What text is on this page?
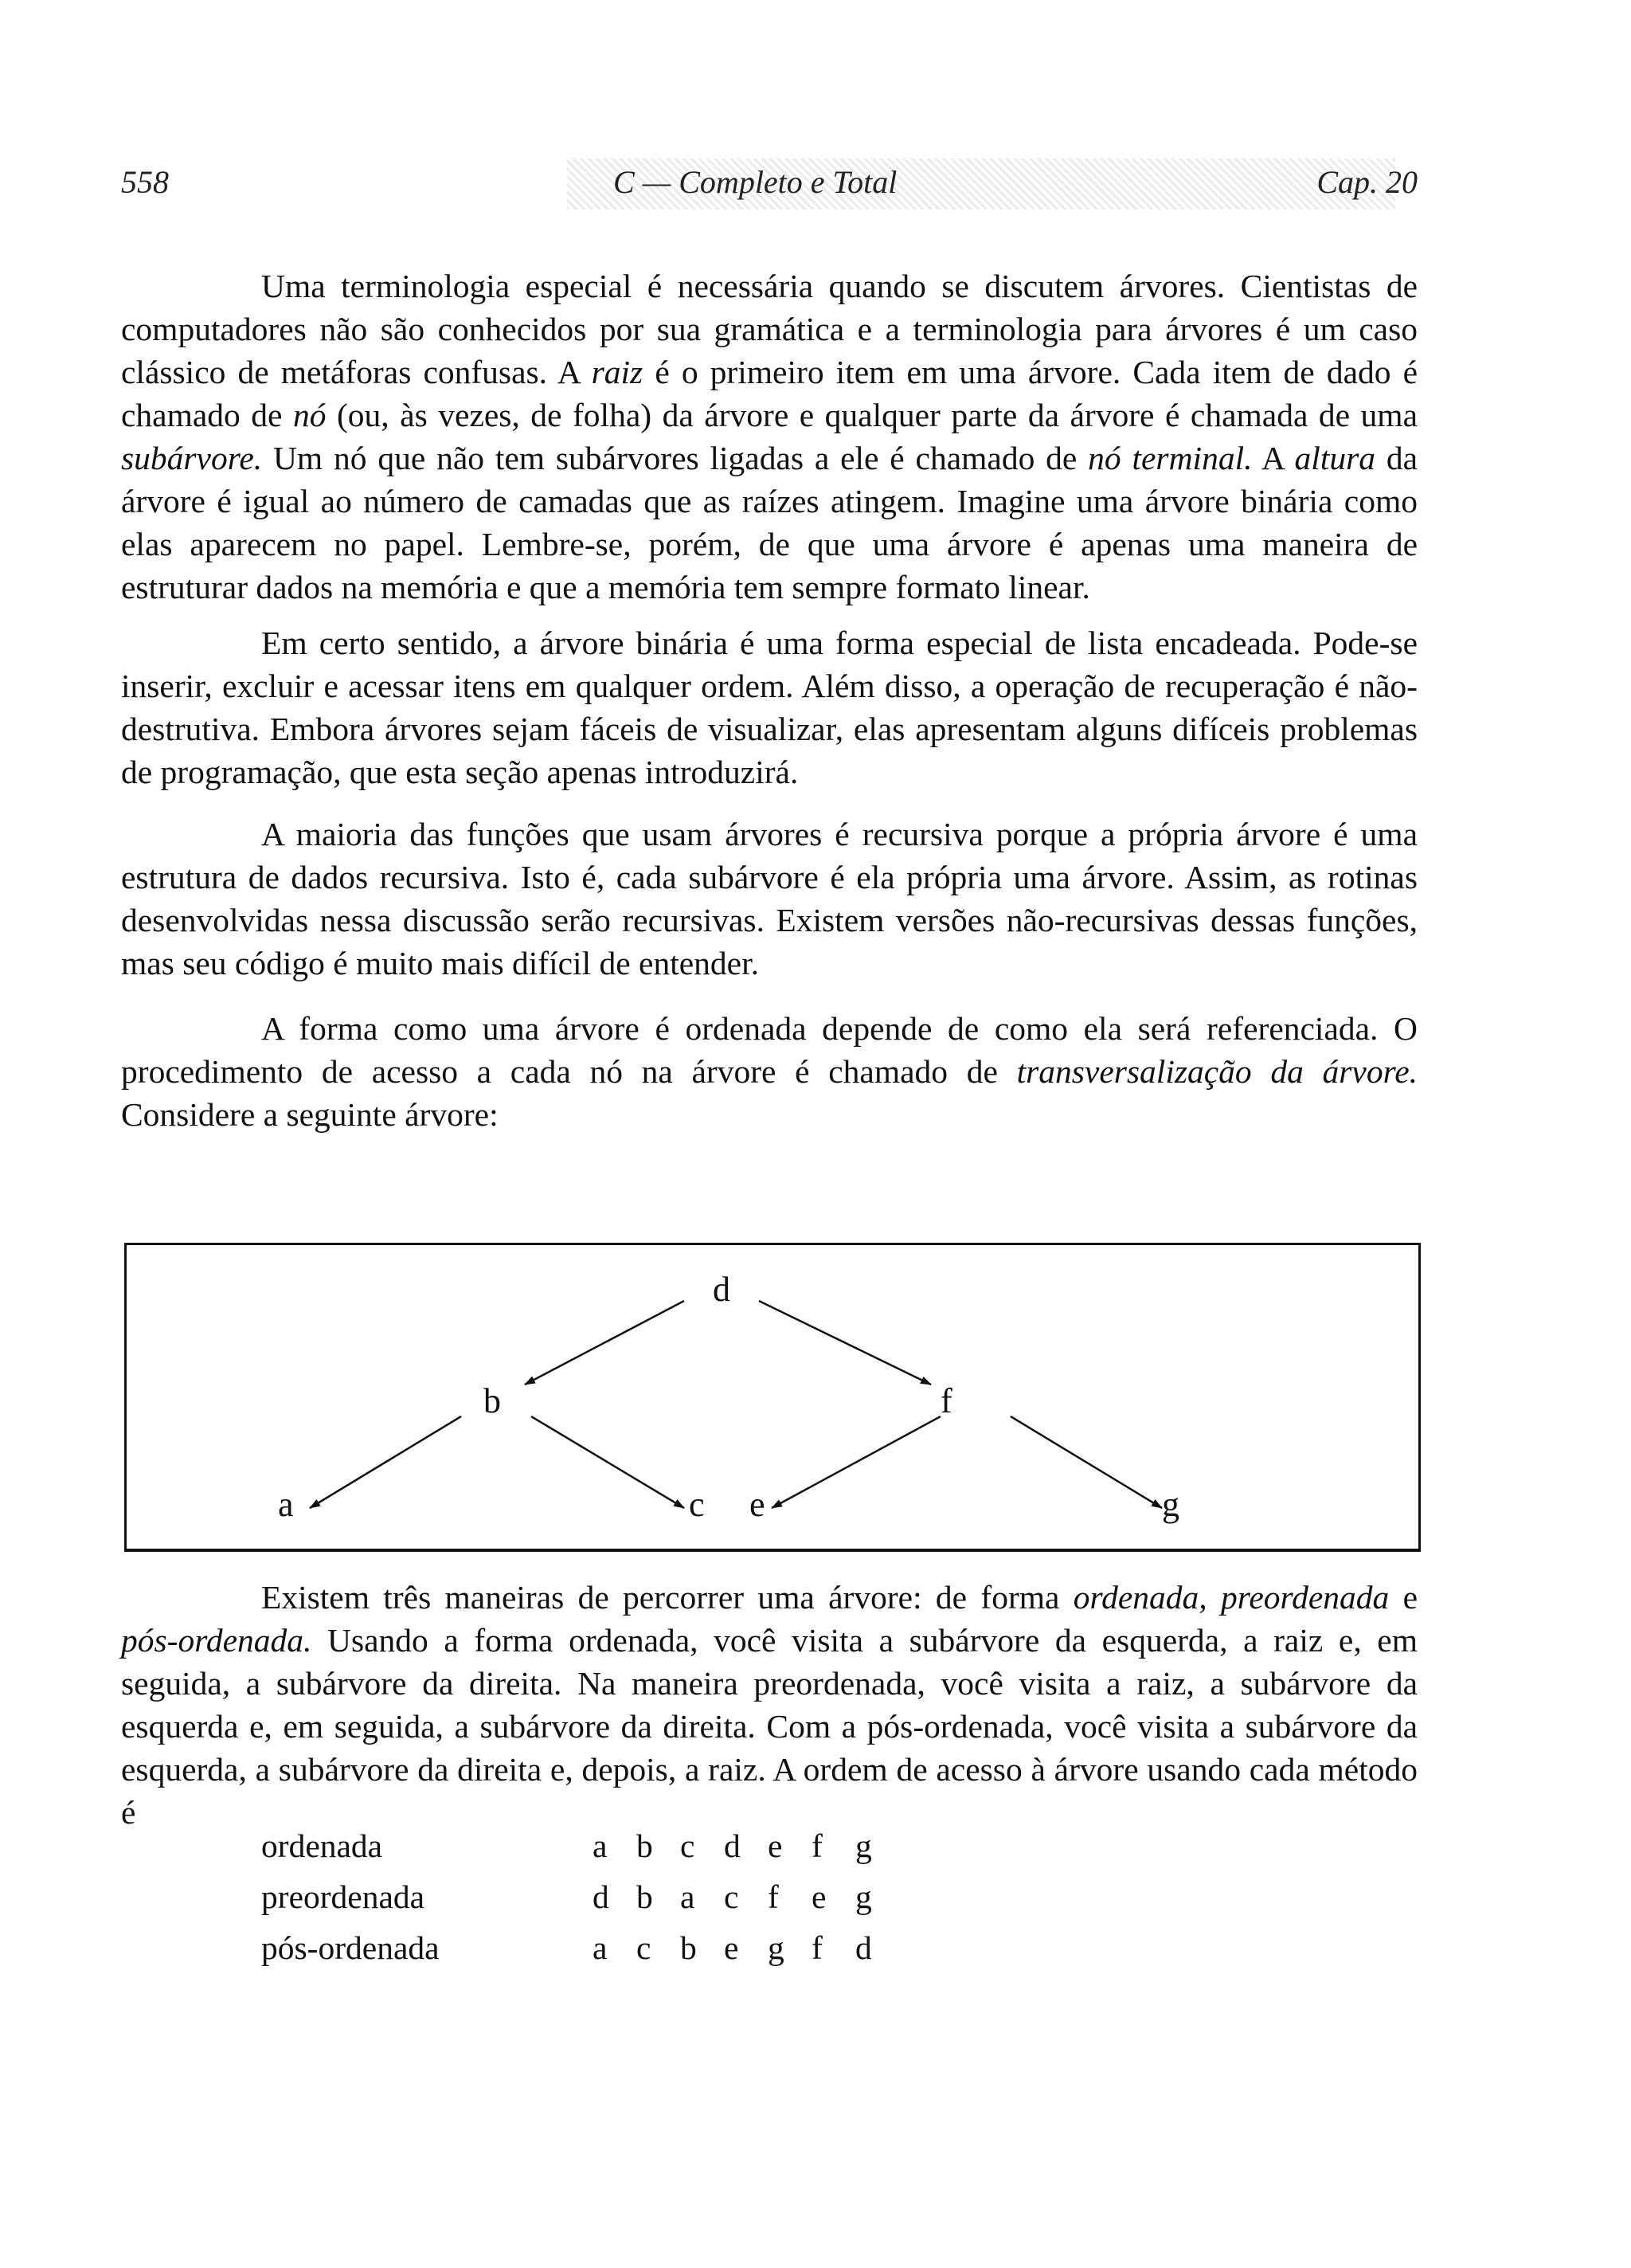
558	C — Completo e Total	Cap. 20

Uma terminologia especial é necessária quando se discutem árvores. Cientistas de computadores não são conhecidos por sua gramática e a terminologia para árvores é um caso clássico de metáforas confusas. A raiz é o primeiro item em uma árvore. Cada item de dado é chamado de nó (ou, às vezes, de folha) da árvore e qualquer parte da árvore é chamada de uma subárvore. Um nó que não tem subárvores ligadas a ele é chamado de nó terminal. A altura da árvore é igual ao número de camadas que as raízes atingem. Imagine uma árvore binária como elas aparecem no papel. Lembre-se, porém, de que uma árvore é apenas uma maneira de estruturar dados na memória e que a memória tem sempre formato linear.

Em certo sentido, a árvore binária é uma forma especial de lista encadeada. Pode-se inserir, excluir e acessar itens em qualquer ordem. Além disso, a operação de recuperação é não-destrutiva. Embora árvores sejam fáceis de visualizar, elas apresentam alguns difíceis problemas de programação, que esta seção apenas introduzirá.

A maioria das funções que usam árvores é recursiva porque a própria árvore é uma estrutura de dados recursiva. Isto é, cada subárvore é ela própria uma árvore. Assim, as rotinas desenvolvidas nessa discussão serão recursivas. Existem versões não-recursivas dessas funções, mas seu código é muito mais difícil de entender.

A forma como uma árvore é ordenada depende de como ela será referenciada. O procedimento de acesso a cada nó na árvore é chamado de transversalização da árvore. Considere a seguinte árvore:

d
b	f
a	c e	g

Existem três maneiras de percorrer uma árvore: de forma ordenada, preordenada e pós-ordenada. Usando a forma ordenada, você visita a subárvore da esquerda, a raiz e, em seguida, a subárvore da direita. Na maneira preordenada, você visita a raiz, a subárvore da esquerda e, em seguida, a subárvore da direita. Com a pós-ordenada, você visita a subárvore da esquerda, a subárvore da direita e, depois, a raiz. A ordem de acesso à árvore usando cada método é

ordenada	a b c d e f g
preordenada	d b a c f e g
pós-ordenada	a c b e g f d
